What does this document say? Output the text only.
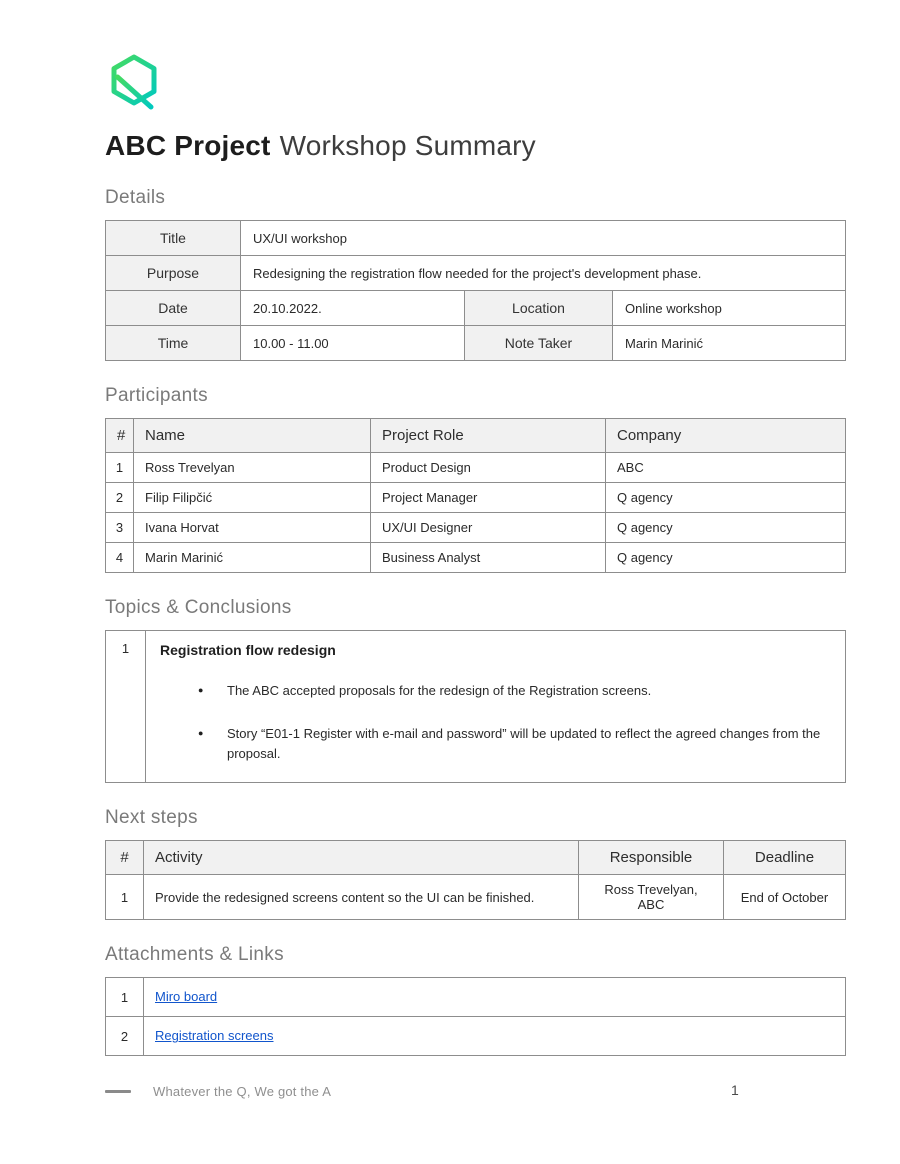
ABC Project Workshop Summary
Details
Title	UX/UI workshop		
Purpose	Redesigning the registration flow needed for the project's development phase.		
Date	20.10.2022.	Location	Online workshop
Time	10.00 - 11.00	Note Taker	Marin Marinić
Participants
#	Name	Project Role	Company
1	Ross Trevelyan	Product Design	ABC
2	Filip Filipčić	Project Manager	Q agency
3	Ivana Horvat	UX/UI Designer	Q agency
4	Marin Marinić	Business Analyst	Q agency
Topics & Conclusions
1	Registration flow redesign
● The ABC accepted proposals for the redesign of the Registration screens.
● Story “E01-1 Register with e-mail and password” will be updated to reflect the agreed changes from the proposal.
Next steps
#	Activity	Responsible	Deadline
1	Provide the redesigned screens content so the UI can be finished.	Ross Trevelyan, ABC	End of October
Attachments & Links
1	Miro board
2	Registration screens
Whatever the Q, We got the A	1
